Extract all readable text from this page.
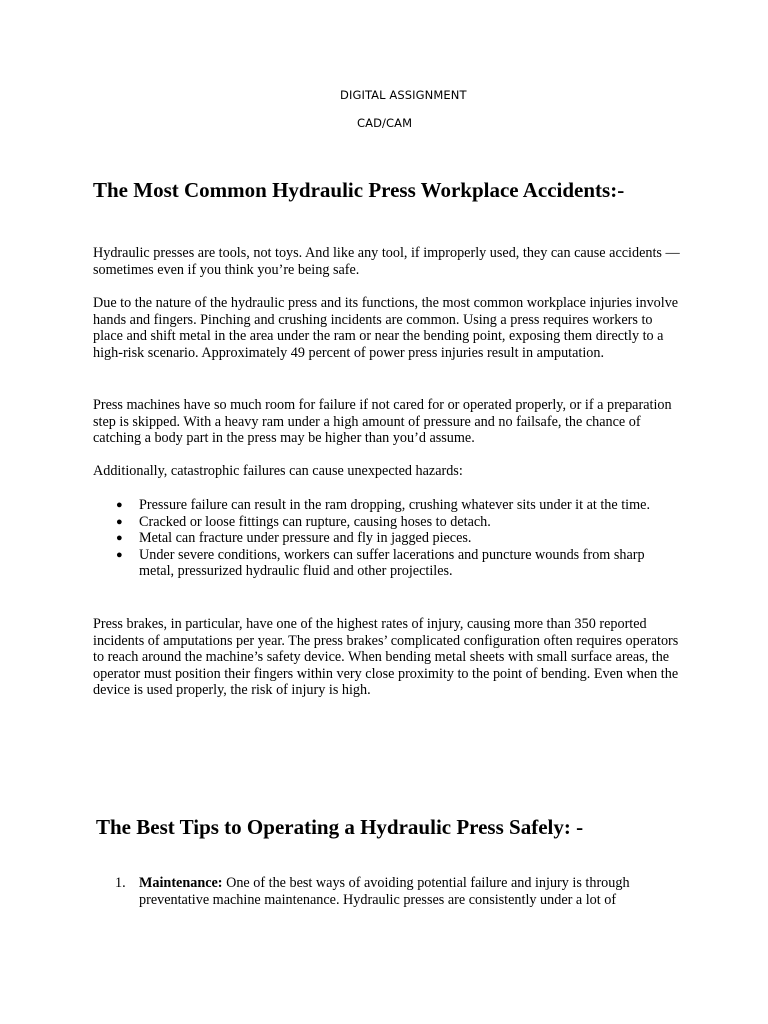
DIGITAL ASSIGNMENT
CAD/CAM
The Most Common Hydraulic Press Workplace Accidents:-

Hydraulic presses are tools, not toys. And like any tool, if improperly used, they can cause accidents — sometimes even if you think you’re being safe.

Due to the nature of the hydraulic press and its functions, the most common workplace injuries involve hands and fingers. Pinching and crushing incidents are common. Using a press requires workers to place and shift metal in the area under the ram or near the bending point, exposing them directly to a high-risk scenario. Approximately 49 percent of power press injuries result in amputation.

Press machines have so much room for failure if not cared for or operated properly, or if a preparation step is skipped. With a heavy ram under a high amount of pressure and no failsafe, the chance of catching a body part in the press may be higher than you’d assume.

Additionally, catastrophic failures can cause unexpected hazards:

● Pressure failure can result in the ram dropping, crushing whatever sits under it at the time.
● Cracked or loose fittings can rupture, causing hoses to detach.
● Metal can fracture under pressure and fly in jagged pieces.
● Under severe conditions, workers can suffer lacerations and puncture wounds from sharp metal, pressurized hydraulic fluid and other projectiles.

Press brakes, in particular, have one of the highest rates of injury, causing more than 350 reported incidents of amputations per year. The press brakes’ complicated configuration often requires operators to reach around the machine’s safety device. When bending metal sheets with small surface areas, the operator must position their fingers within very close proximity to the point of bending. Even when the device is used properly, the risk of injury is high.

The Best Tips to Operating a Hydraulic Press Safely: -
1. Maintenance: One of the best ways of avoiding potential failure and injury is through preventative machine maintenance. Hydraulic presses are consistently under a lot of
